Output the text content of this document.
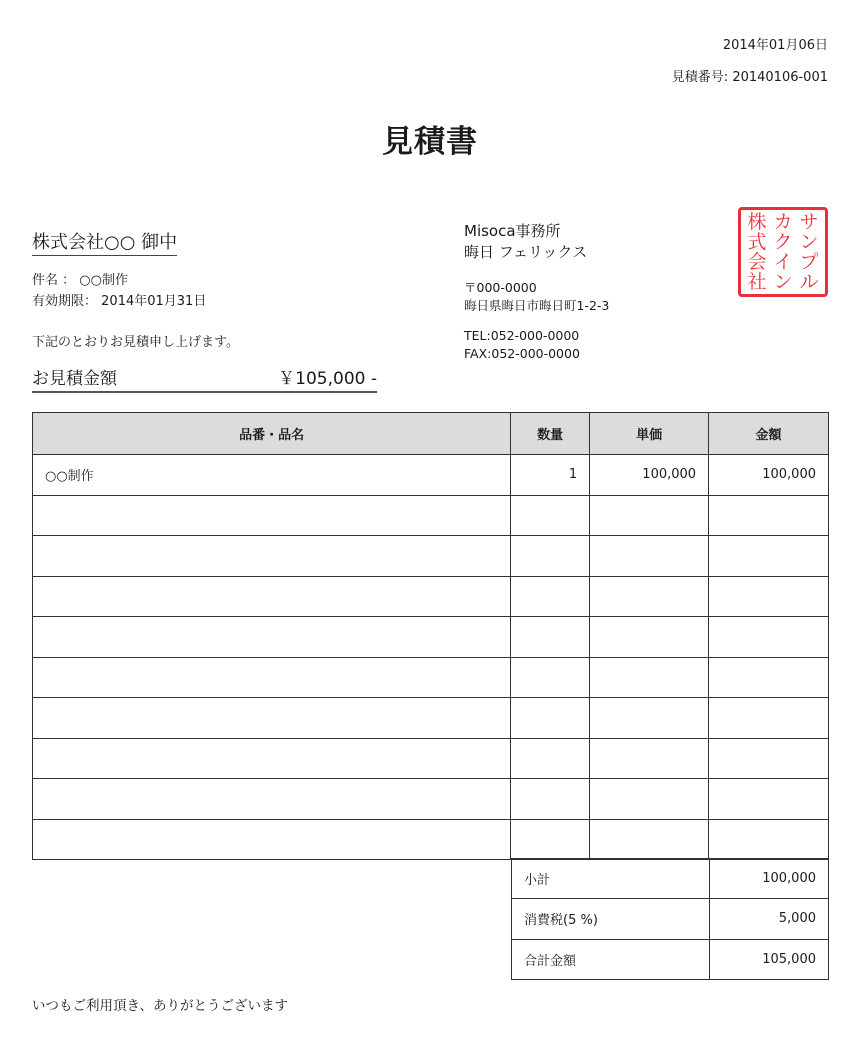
2014年01月06日
見積番号: 20140106-001
見積書
株式会社○○ 御中
件名 ： ○○制作
有効期限： 2014年01月31日
下記のとおりお見積申し上げます。
お見積金額	￥105,000 -
Misoca事務所
晦日 フェリックス
〒000-0000
晦日県晦日市晦日町1-2-3
TEL:052-000-0000
FAX:052-000-0000
サ
ン
プ
ル
カ
ク
イ
ン
株
式
会
社
品番・品名	数量	単価	金額
○○制作	1	100,000	100,000

小計	100,000
消費税(5 %)	5,000
合計金額	105,000
いつもご利用頂き、ありがとうございます
